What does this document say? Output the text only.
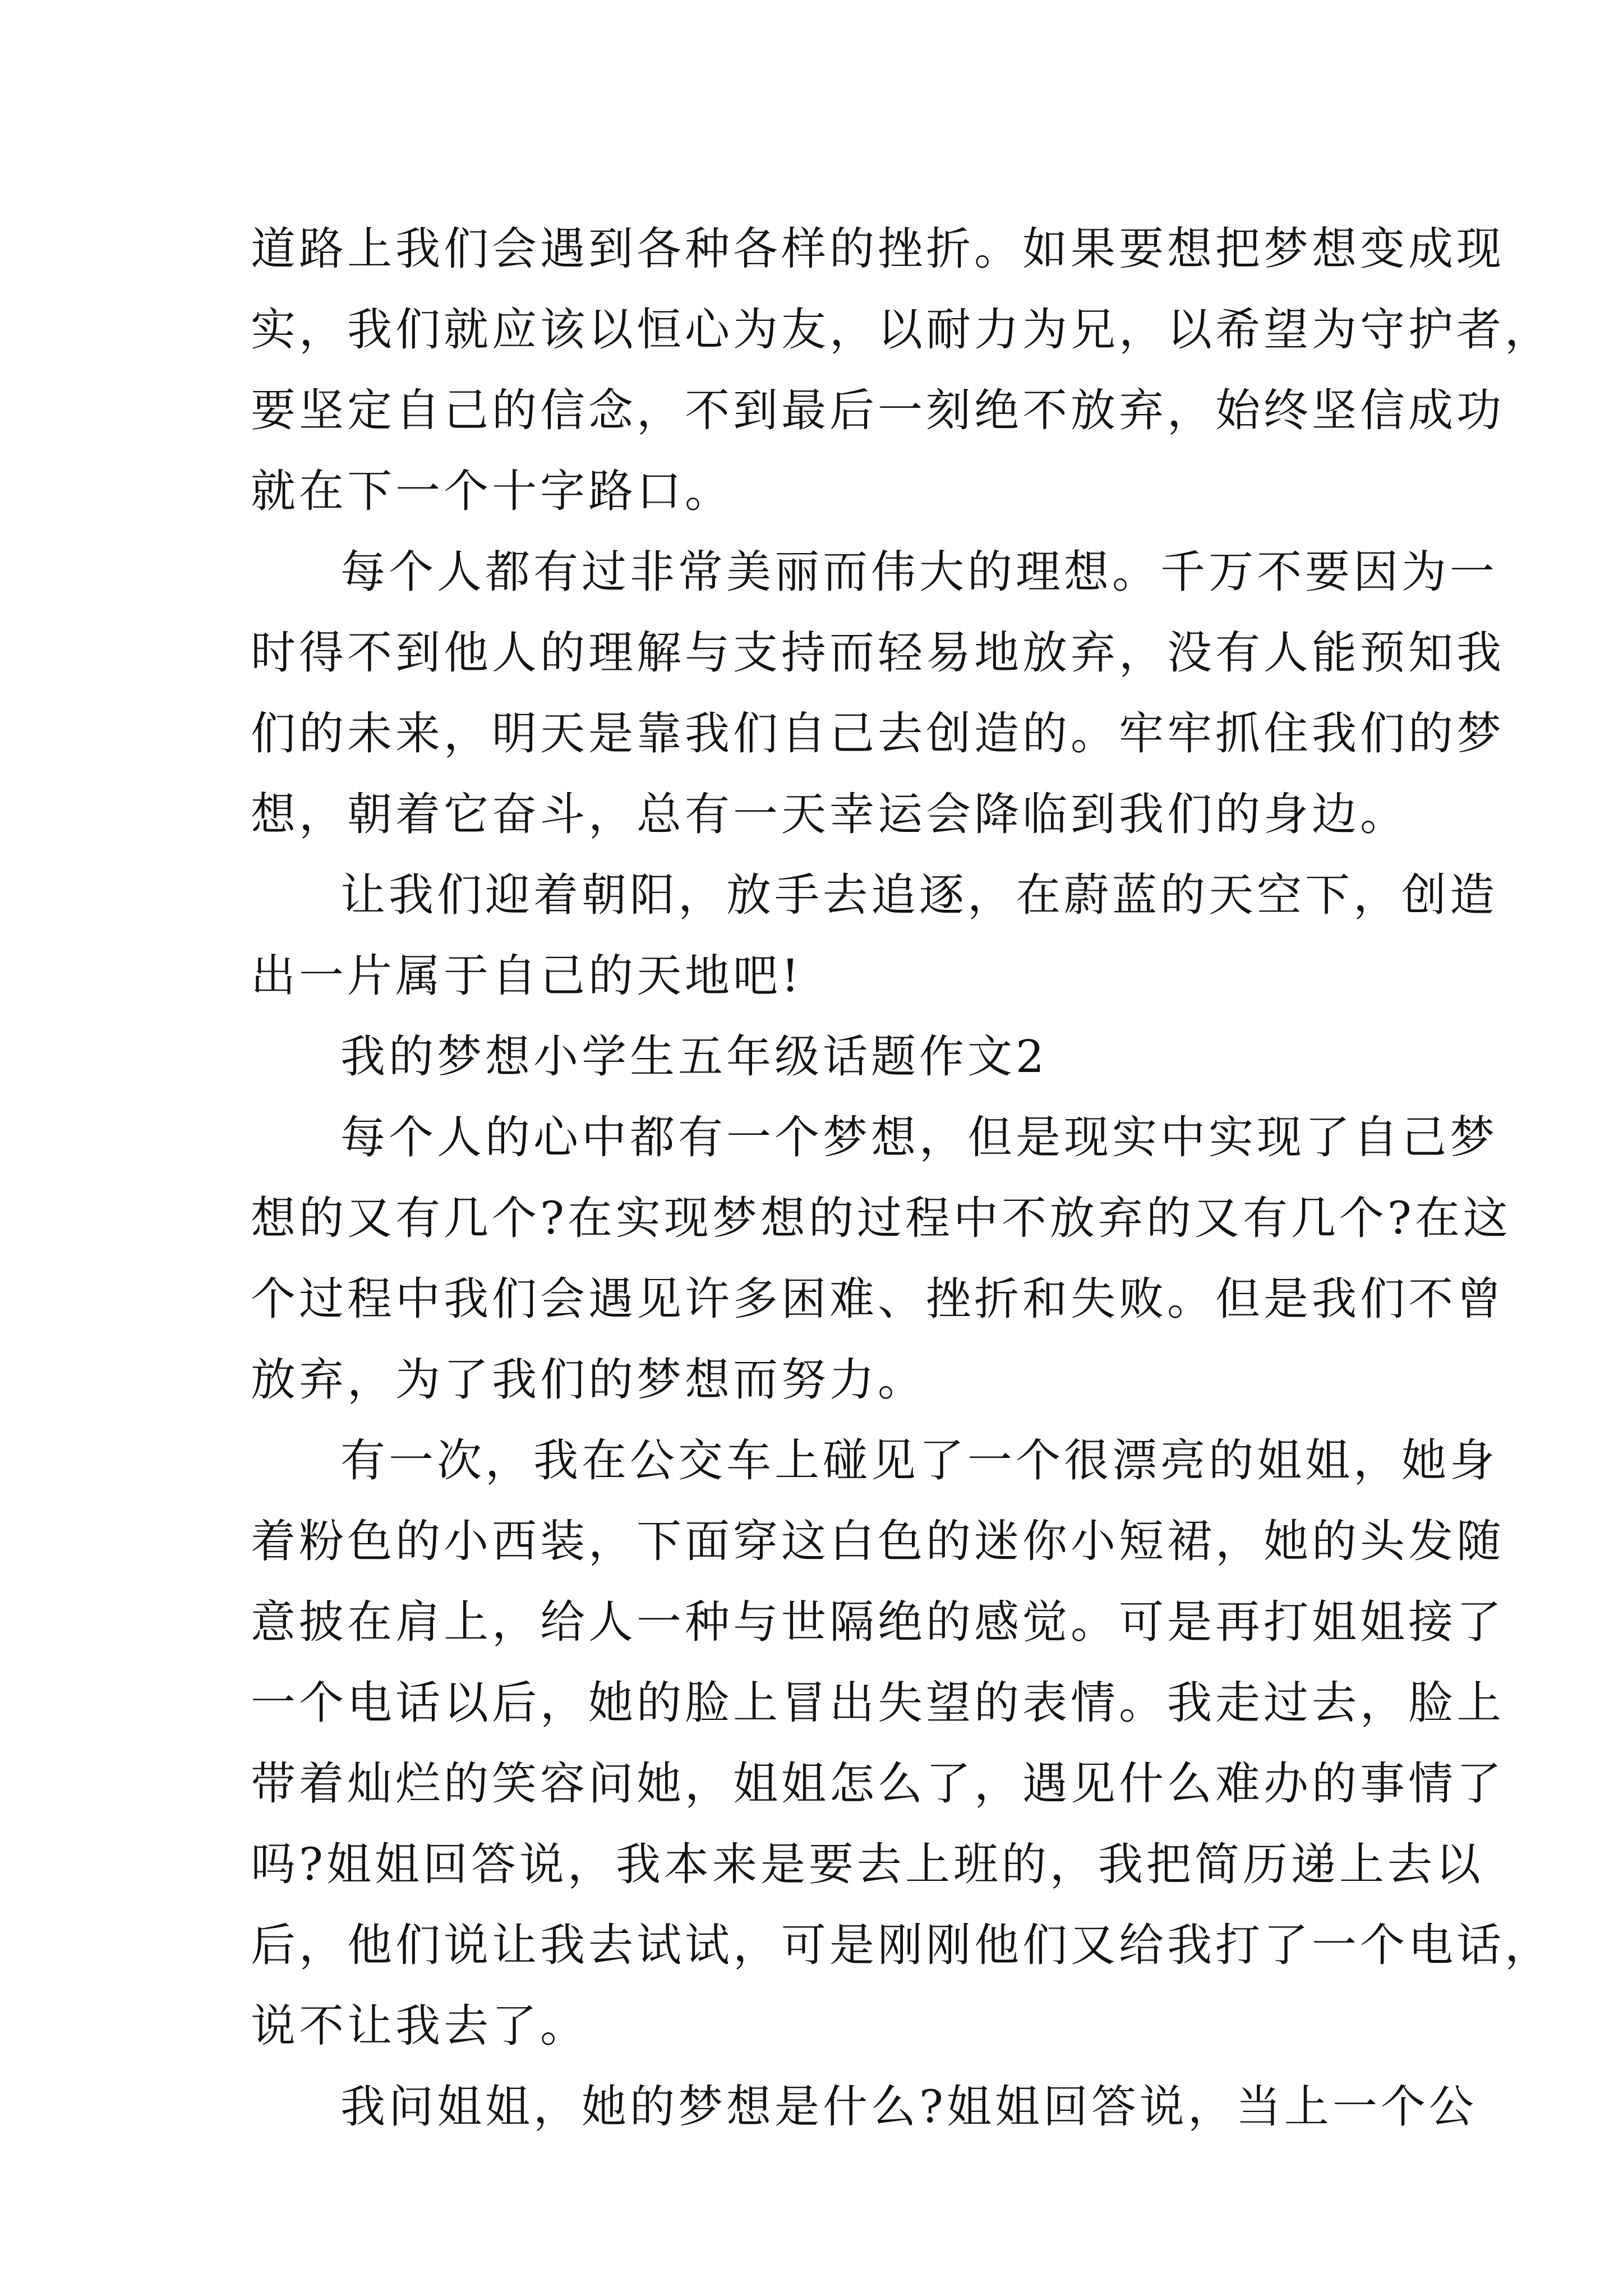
道路上我们会遇到各种各样的挫折。如果要想把梦想变成现
实，我们就应该以恒心为友，以耐力为兄，以希望为守护者，
要坚定自己的信念，不到最后一刻绝不放弃，始终坚信成功
就在下一个十字路口。
每个人都有过非常美丽而伟大的理想。千万不要因为一
时得不到他人的理解与支持而轻易地放弃，没有人能预知我
们的未来，明天是靠我们自己去创造的。牢牢抓住我们的梦
想，朝着它奋斗，总有一天幸运会降临到我们的身边。
让我们迎着朝阳，放手去追逐，在蔚蓝的天空下，创造
出一片属于自己的天地吧!
我的梦想小学生五年级话题作文2
每个人的心中都有一个梦想，但是现实中实现了自己梦
想的又有几个?在实现梦想的过程中不放弃的又有几个?在这
个过程中我们会遇见许多困难、挫折和失败。但是我们不曾
放弃，为了我们的梦想而努力。
有一次，我在公交车上碰见了一个很漂亮的姐姐，她身
着粉色的小西装，下面穿这白色的迷你小短裙，她的头发随
意披在肩上，给人一种与世隔绝的感觉。可是再打姐姐接了
一个电话以后，她的脸上冒出失望的表情。我走过去，脸上
带着灿烂的笑容问她，姐姐怎么了，遇见什么难办的事情了
吗?姐姐回答说，我本来是要去上班的，我把简历递上去以
后，他们说让我去试试，可是刚刚他们又给我打了一个电话，
说不让我去了。
我问姐姐，她的梦想是什么?姐姐回答说，当上一个公
